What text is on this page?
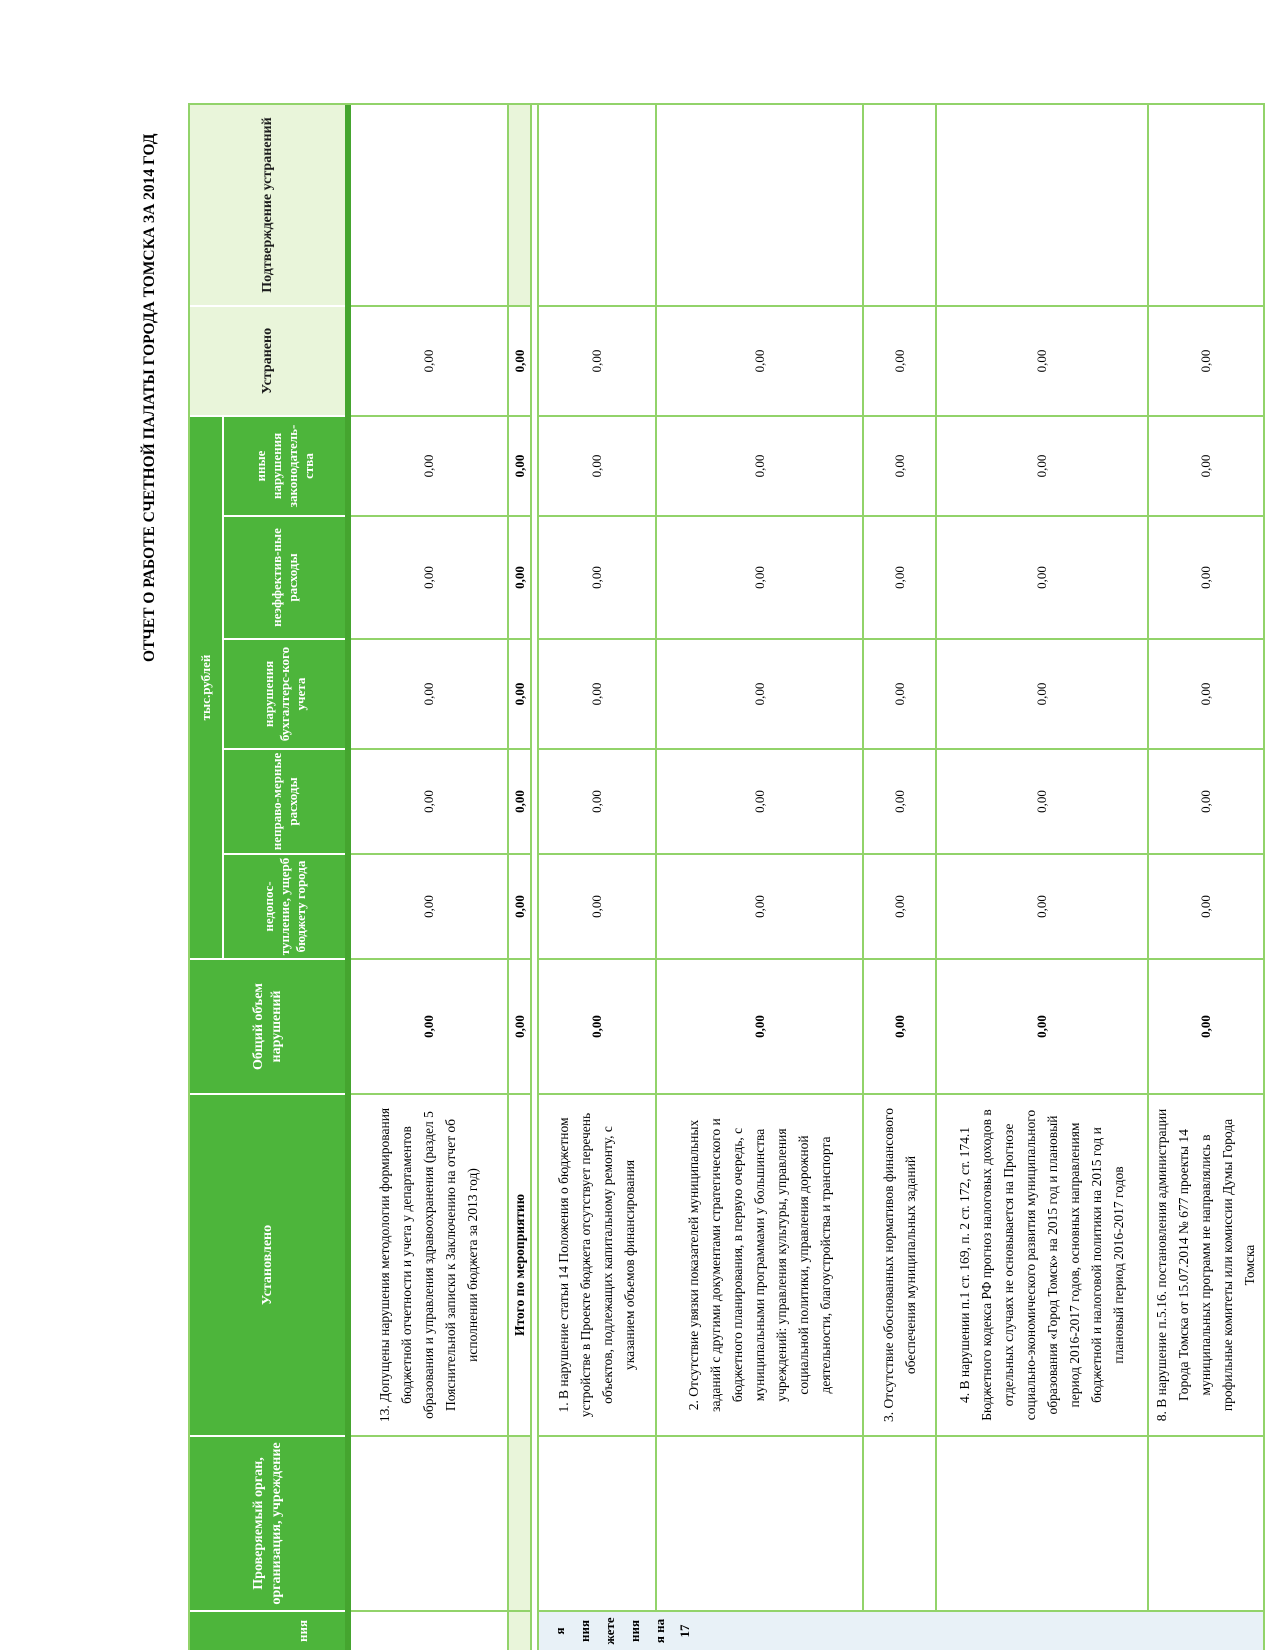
ОТЧЕТ О РАБОТЕ СЧЕТНОЙ ПАЛАТЫ ГОРОДА ТОМСКА ЗА 2014 ГОД
ния
Проверяемый орган, организация, учреждение
Установлено
Общий объем нарушений
тыс.рублей
недопос-тупление, ущерб бюджету города
неправо-мерные расходы
нарушения бухгалтерс-кого учета
неэффектив-ные расходы
иные нарушения законодатель-ства
Устранено
Подтверждение устранений
13. Допущены нарушения методологии формирования бюджетной отчетности и учета у департаментов образования и управления здравоохранения (раздел 5 Пояснительной записки к Заключению на отчет об исполнении бюджета за 2013 год)
0,00
0,00
0,00
0,00
0,00
0,00
0,00
Итого по мероприятию
0,00
0,00
0,00
0,00
0,00
0,00
0,00
я ния жете ния я на 17
1. В нарушение статьи 14 Положения о бюджетном устройстве в Проекте бюджета отсутствует перечень объектов, подлежащих капитальному ремонту, с указанием объемов финансирования
0,00
0,00
0,00
0,00
0,00
0,00
0,00
2. Отсутствие увязки показателей муниципальных заданий с другими документами стратегического и бюджетного планирования, в первую очередь, с муниципальными программами у большинства учреждений: управления культуры, управления социальной политики, управления дорожной деятельности, благоустройства и транспорта
0,00
0,00
0,00
0,00
0,00
0,00
0,00
3. Отсутствие обоснованных нормативов финансового обеспечения муниципальных заданий
0,00
0,00
0,00
0,00
0,00
0,00
0,00
4. В нарушении п.1 ст. 169, п. 2 ст. 172, ст. 174.1 Бюджетного кодекса РФ прогноз налоговых доходов в отдельных случаях не основывается на Прогнозе социально-экономического развития муниципального образования «Город Томск» на 2015 год и плановый период 2016-2017 годов, основных направлениям бюджетной и налоговой политики на 2015 год и плановый период 2016-2017 годов
0,00
0,00
0,00
0,00
0,00
0,00
0,00
8. В нарушение п.5.16. постановления администрации Города Томска от 15.07.2014 № 677 проекты 14 муниципальных программ не направлялись в профильные комитеты или комиссии Думы Города Томска
0,00
0,00
0,00
0,00
0,00
0,00
0,00
